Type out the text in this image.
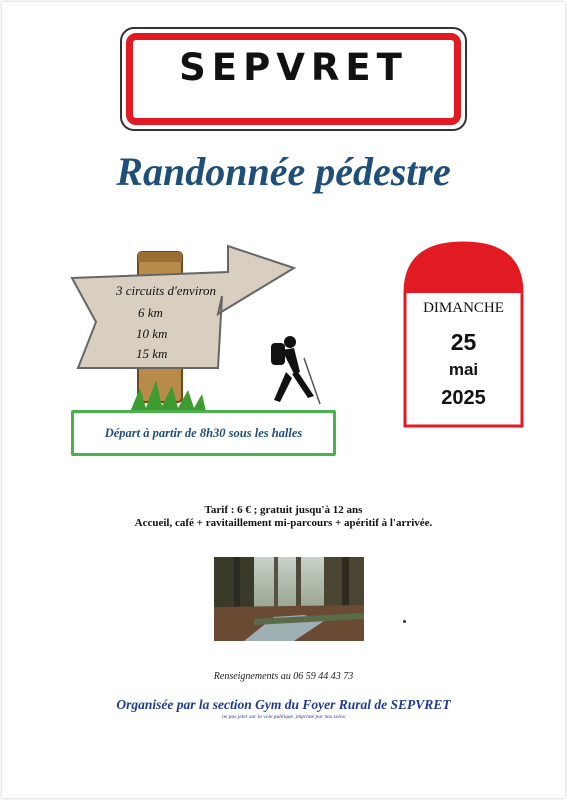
SEPVRET
Randonnée pédestre
3 circuits d'environ
6 km
10 km
15 km
Départ à partir de 8h30 sous les halles
DIMANCHE
25
mai
2025
Tarif : 6 € ; gratuit jusqu'à 12 ans
Accueil, café + ravitaillement mi-parcours + apéritif à l'arrivée.
Renseignements au 06 59 44 43 73
Organisée par la section Gym du Foyer Rural de SEPVRET
ne pas jeter sur la voie publique ,imprimé par nos soins
